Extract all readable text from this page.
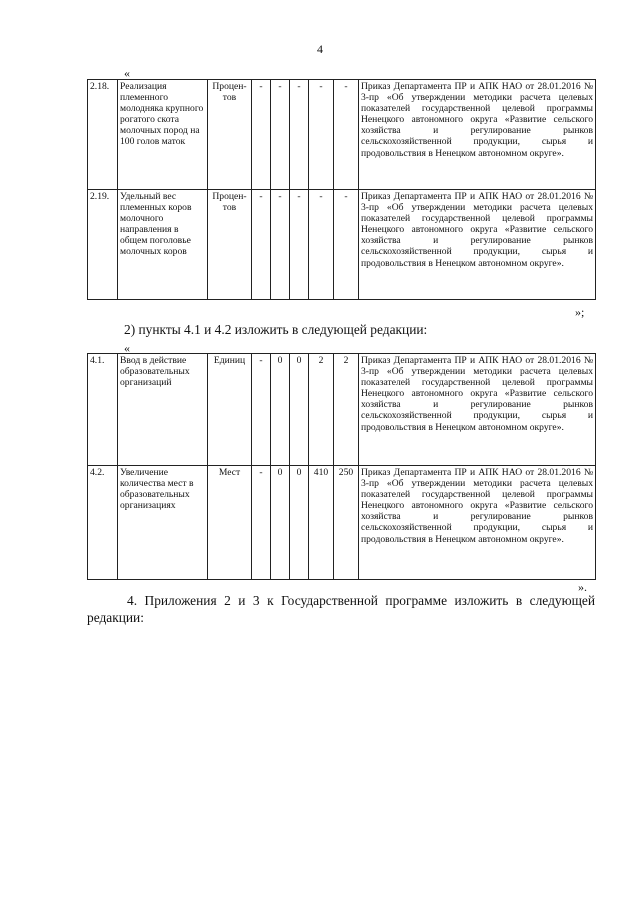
4
«
2.18.	Реализация племенного молодняка крупного рогатого скота молочных пород на 100 голов маток	Процен-тов	-	-	-	-	-	Приказ Департамента ПР и АПК НАО от 28.01.2016 № 3-пр «Об утверждении методики расчета целевых показателей государственной целевой программы Ненецкого автономного округа «Развитие сельского хозяйства и регулирование рынков сельскохозяйственной продукции, сырья и продовольствия в Ненецком автономном округе».
2.19.	Удельный вес племенных коров молочного направления в общем поголовье молочных коров	Процен-тов	-	-	-	-	-	Приказ Департамента ПР и АПК НАО от 28.01.2016 № 3-пр «Об утверждении методики расчета целевых показателей государственной целевой программы Ненецкого автономного округа «Развитие сельского хозяйства и регулирование рынков сельскохозяйственной продукции, сырья и продовольствия в Ненецком автономном округе».
»;
2) пункты 4.1 и 4.2 изложить в следующей редакции:
«
4.1.	Ввод в действие образовательных организаций	Единиц	-	0	0	2	2	Приказ Департамента ПР и АПК НАО от 28.01.2016 № 3-пр «Об утверждении методики расчета целевых показателей государственной целевой программы Ненецкого автономного округа «Развитие сельского хозяйства и регулирование рынков сельскохозяйственной продукции, сырья и продовольствия в Ненецком автономном округе».
4.2.	Увеличение количества мест в образовательных организациях	Мест	-	0	0	410	250	Приказ Департамента ПР и АПК НАО от 28.01.2016 № 3-пр «Об утверждении методики расчета целевых показателей государственной целевой программы Ненецкого автономного округа «Развитие сельского хозяйства и регулирование рынков сельскохозяйственной продукции, сырья и продовольствия в Ненецком автономном округе».
».
4. Приложения 2 и 3 к Государственной программе изложить в следующей редакции:
